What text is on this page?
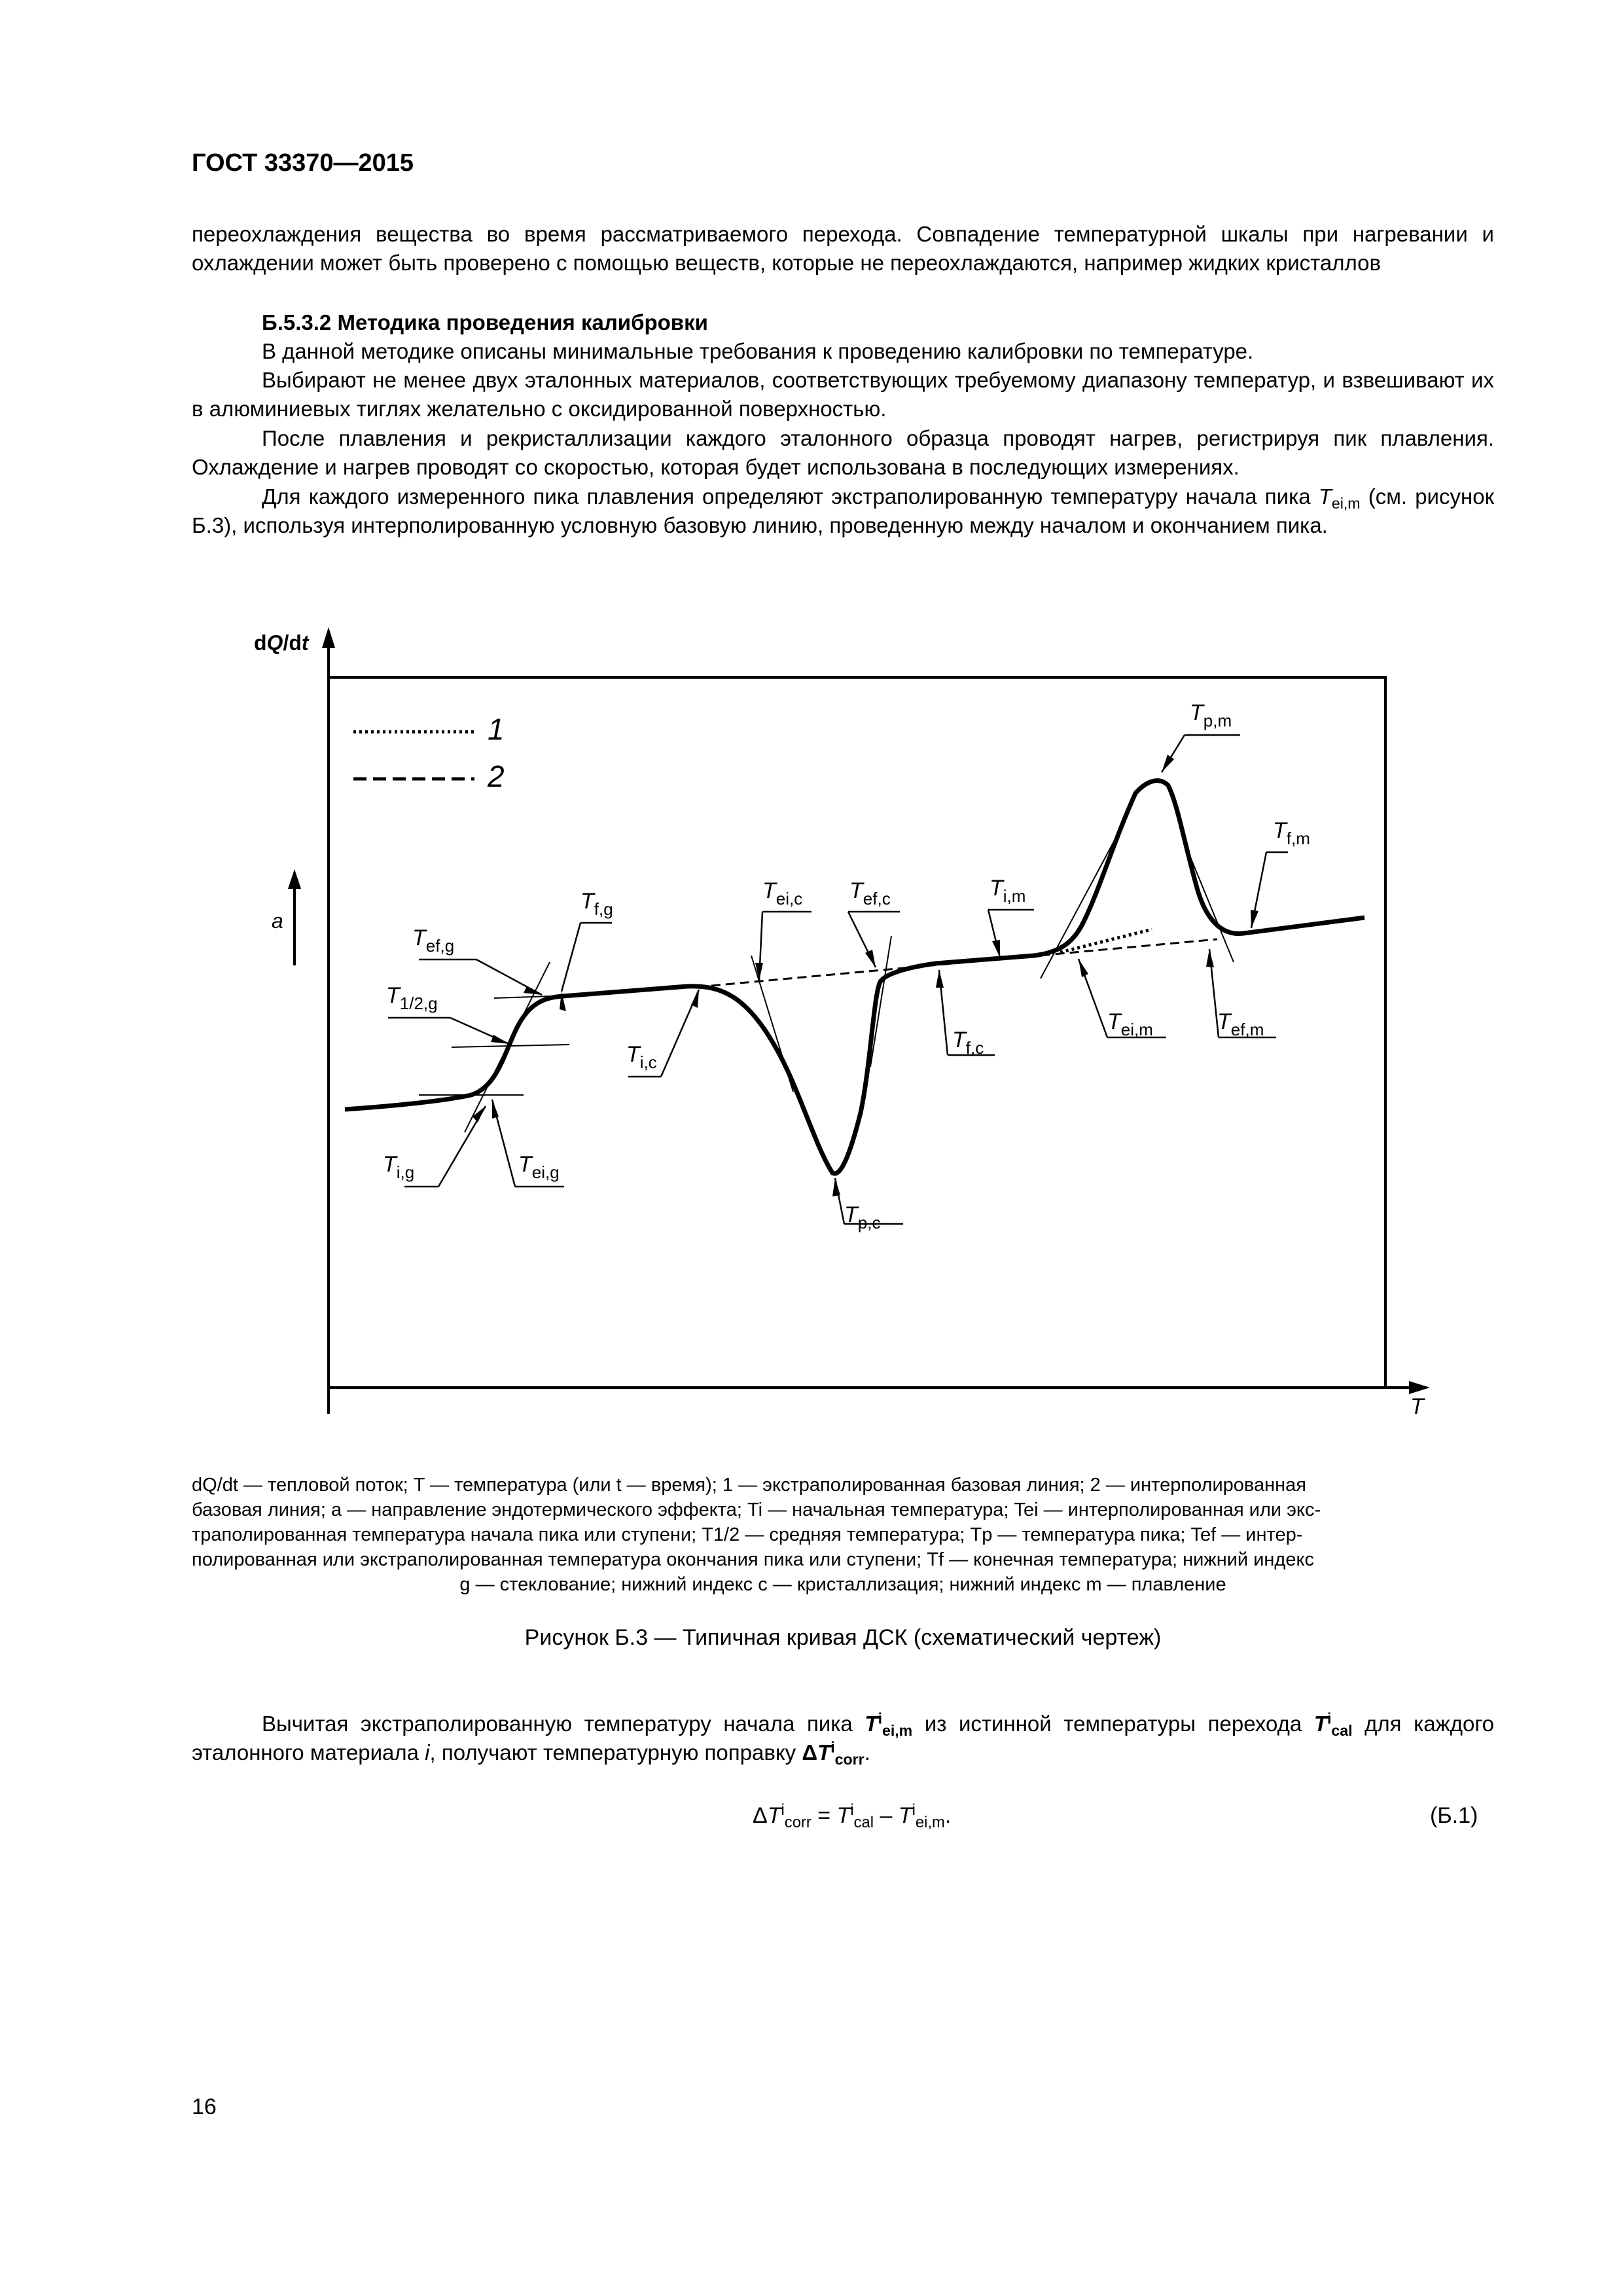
ГОСТ 33370—2015
переохлаждения вещества во время рассматриваемого перехода. Совпадение температурной шкалы при нагревании и охлаждении может быть проверено с помощью веществ, которые не переохлаждаются, например жидких кристаллов
Б.5.3.2 Методика проведения калибровки
В данной методике описаны минимальные требования к проведению калибровки по температуре.
Выбирают не менее двух эталонных материалов, соответствующих требуемому диапазону температур, и взвешивают их в алюминиевых тиглях желательно с оксидированной поверхностью.
После плавления и рекристаллизации каждого эталонного образца проводят нагрев, регистрируя пик плавления. Охлаждение и нагрев проводят со скоростью, которая будет использована в последующих измерениях.
Для каждого измеренного пика плавления определяют экстраполированную температуру начала пика $T_{ei,m}$ (см. рисунок Б.3), используя интерполированную условную базовую линию, проведенную между началом и окончанием пика.
dQ/dt
T
a
1
2
$T_{i,g}$	$T_{ei,g}$
$T_{1/2,g}$
$T_{ef,g}$
$T_{f,g}$
$T_{i,c}$
$T_{ei,c}$ $T_{ef,c}$
$T_{p,c}$
$T_{f,c}$
$T_{i,m}$
$T_{ei,m}$
$T_{p,m}$
$T_{f,m}$
$T_{ef,m}$
dQ/dt — тепловой поток; T — температура (или t — время); 1 — экстраполированная базовая линия; 2 — интерполированная
базовая линия; а — направление эндотермического эффекта; Ti — начальная температура; Tei — интерполированная или экс-
траполированная температура начала пика или ступени; T1/2 — средняя температура; Tp — температура пика; Tef — интер-
полированная или экстраполированная температура окончания пика или ступени; Tf — конечная температура; нижний индекс
g — стеклование; нижний индекс с — кристаллизация; нижний индекс m — плавление
Рисунок Б.3 — Типичная кривая ДСК (схематический чертеж)
Вычитая экстраполированную температуру начала пика $T^i_{ei,m}$ из истинной температуры перехода $T^i_{cal}$ для каждого эталонного материала i, получают температурную поправку $\Delta T^i_{corr}$.
$\Delta T^i_{corr} = T^i_{cal} - T^i_{ei,m}$.	(Б.1)
16
